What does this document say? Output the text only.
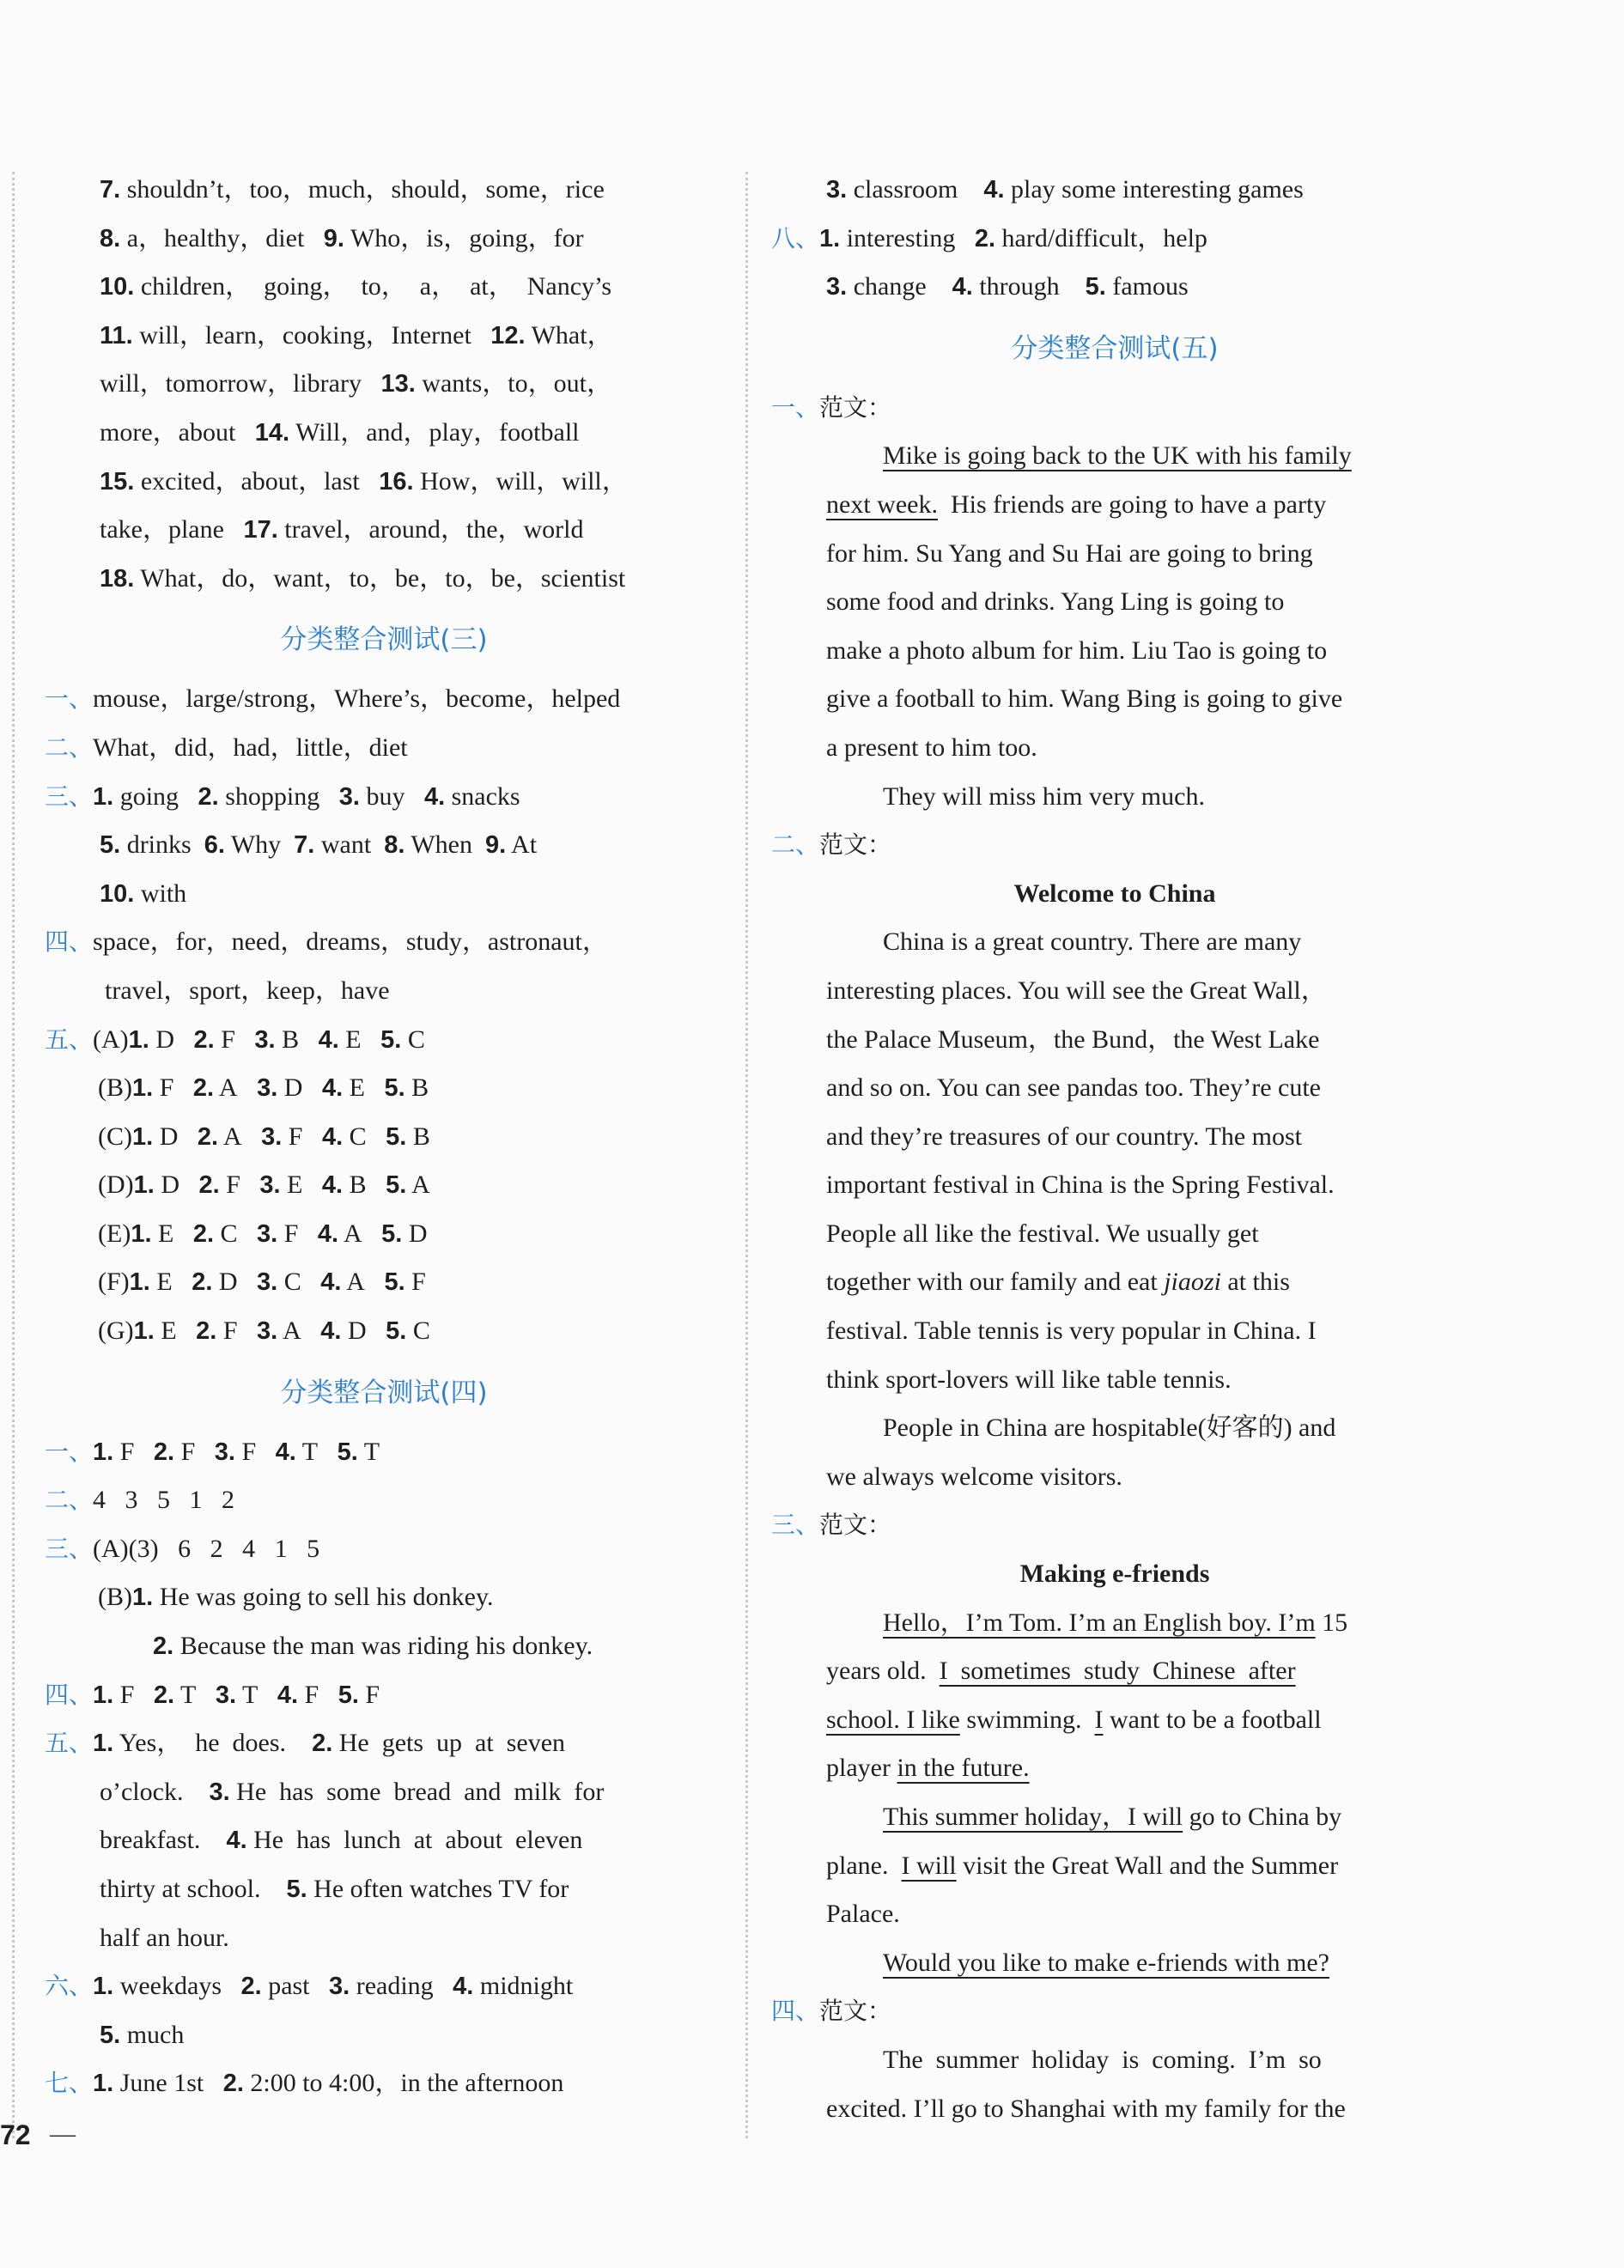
7. shouldn’t，too，much，should，some，rice
8. a，healthy，diet 9. Who，is，going，for
10. children，  going，  to，  a，  at，  Nancy’s
11. will，learn，cooking，Internet 12. What，
will，tomorrow，library 13. wants，to，out，
more，about 14. Will，and，play，football
15. excited，about，last 16. How，will，will，
take，plane 17. travel，around，the，world
18. What，do，want，to，be，to，be，scientist
分类整合测试(三)
一、mouse，large/strong，Where’s，become，helped
二、What，did，had，little，diet
三、1. going 2. shopping 3. buy 4. snacks
5. drinks 6. Why 7. want 8. When 9. At
10. with
四、space，for，need，dreams，study，astronaut，
travel，sport，keep，have
五、(A)1. D 2. F 3. B 4. E 5. C
(B)1. F 2. A 3. D 4. E 5. B
(C)1. D 2. A 3. F 4. C 5. B
(D)1. D 2. F 3. E 4. B 5. A
(E)1. E 2. C 3. F 4. A 5. D
(F)1. E 2. D 3. C 4. A 5. F
(G)1. E 2. F 3. A 4. D 5. C
分类整合测试(四)
一、1. F 2. F 3. F 4. T 5. T
二、4   3   5   1   2
三、(A)(3)   6   2   4   1   5
(B)1. He was going to sell his donkey.
2. Because the man was riding his donkey.
四、1. F 2. T 3. T 4. F 5. F
五、1. Yes，  he  does. 2. He  gets  up  at  seven
o’clock. 3. He  has  some  bread  and  milk  for
breakfast. 4. He  has  lunch  at  about  eleven
thirty at school. 5. He often watches TV for
half an hour.
六、1. weekdays 2. past 3. reading 4. midnight
5. much
七、1. June 1st 2. 2:00 to 4:00，in the afternoon
3. classroom 4. play some interesting games
八、1. interesting 2. hard/difficult，help
3. change 4. through 5. famous
分类整合测试(五)
一、范文：
Mike is going back to the UK with his family
next week. His friends are going to have a party
for him. Su Yang and Su Hai are going to bring
some food and drinks. Yang Ling is going to
make a photo album for him. Liu Tao is going to
give a football to him. Wang Bing is going to give
a present to him too.
They will miss him very much.
二、范文：
Welcome to China
China is a great country. There are many
interesting places. You will see the Great Wall，
the Palace Museum，the Bund，the West Lake
and so on. You can see pandas too. They’re cute
and they’re treasures of our country. The most
important festival in China is the Spring Festival.
People all like the festival. We usually get
together with our family and eat jiaozi at this
festival. Table tennis is very popular in China. I
think sport-lovers will like table tennis.
People in China are hospitable(好客的) and
we always welcome visitors.
三、范文：
Making e-friends
Hello，I’m Tom. I’m an English boy. I’m 15
years old. I  sometimes  study  Chinese  after
school. I like swimming. I want to be a football
player in the future.
This summer holiday，I will go to China by
plane. I will visit the Great Wall and the Summer
Palace.
Would you like to make e-friends with me?
四、范文：
The  summer  holiday  is  coming.  I’m  so
excited. I’ll go to Shanghai with my family for the
72 —
